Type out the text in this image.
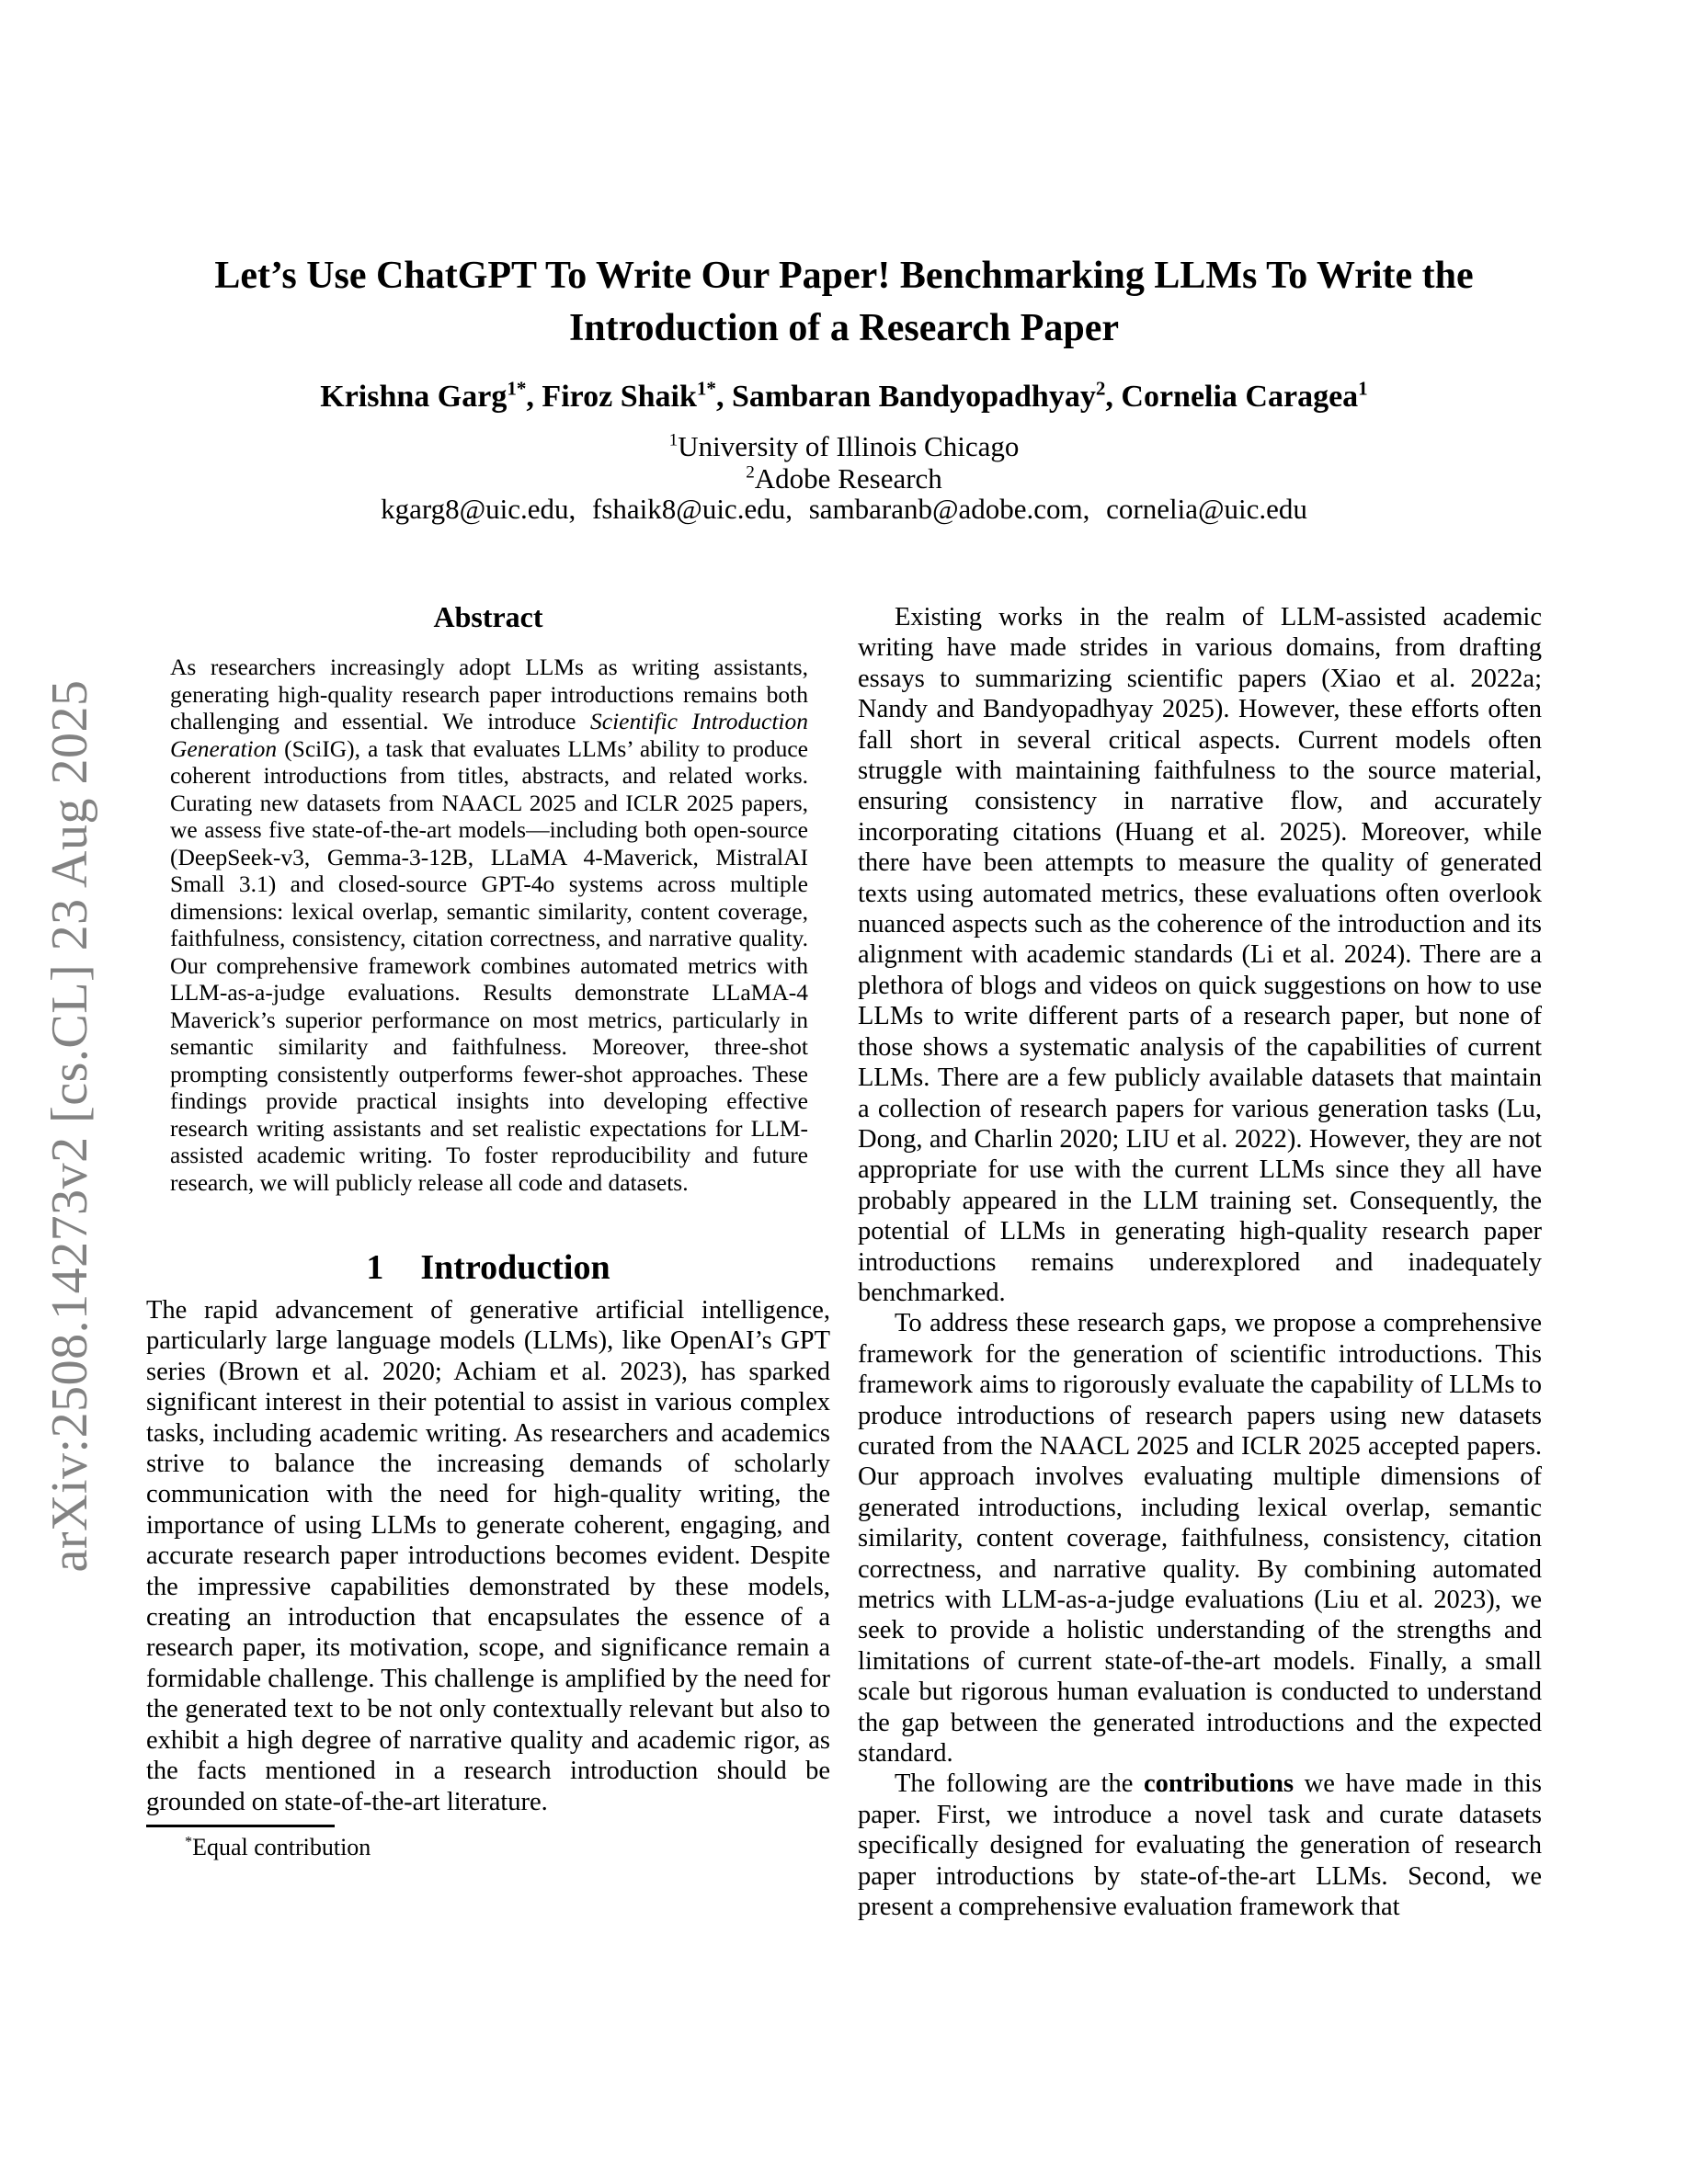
arXiv:2508.14273v2 [cs.CL] 23 Aug 2025
Let’s Use ChatGPT To Write Our Paper! Benchmarking LLMs To Write the
Introduction of a Research Paper
Krishna Garg$^{1*}$, Firoz Shaik$^{1*}$, Sambaran Bandyopadhyay$^2$, Cornelia Caragea$^1$
$^1$University of Illinois Chicago
$^2$Adobe Research
kgarg8@uic.edu, fshaik8@uic.edu, sambaranb@adobe.com, cornelia@uic.edu
Abstract

As researchers increasingly adopt LLMs as writing assistants, generating high-quality research paper introductions remains both challenging and essential. We introduce Scientific Introduction Generation (SciIG), a task that evaluates LLMs’ ability to produce coherent introductions from titles, abstracts, and related works. Curating new datasets from NAACL 2025 and ICLR 2025 papers, we assess five state-of-the-art models—including both open-source (DeepSeek-v3, Gemma-3-12B, LLaMA 4-Maverick, MistralAI Small 3.1) and closed-source GPT-4o systems across multiple dimensions: lexical overlap, semantic similarity, content coverage, faithfulness, consistency, citation correctness, and narrative quality. Our comprehensive framework combines automated metrics with LLM-as-a-judge evaluations. Results demonstrate LLaMA-4 Maverick’s superior performance on most metrics, particularly in semantic similarity and faithfulness. Moreover, three-shot prompting consistently outperforms fewer-shot approaches. These findings provide practical insights into developing effective research writing assistants and set realistic expectations for LLM-assisted academic writing. To foster reproducibility and future research, we will publicly release all code and datasets.

1 Introduction

The rapid advancement of generative artificial intelligence, particularly large language models (LLMs), like OpenAI’s GPT series (Brown et al. 2020; Achiam et al. 2023), has sparked significant interest in their potential to assist in various complex tasks, including academic writing. As researchers and academics strive to balance the increasing demands of scholarly communication with the need for high-quality writing, the importance of using LLMs to generate coherent, engaging, and accurate research paper introductions becomes evident. Despite the impressive capabilities demonstrated by these models, creating an introduction that encapsulates the essence of a research paper, its motivation, scope, and significance remain a formidable challenge. This challenge is amplified by the need for the generated text to be not only contextually relevant but also to exhibit a high degree of narrative quality and academic rigor, as the facts mentioned in a research introduction should be grounded on state-of-the-art literature.

*Equal contribution

Existing works in the realm of LLM-assisted academic writing have made strides in various domains, from drafting essays to summarizing scientific papers (Xiao et al. 2022a; Nandy and Bandyopadhyay 2025). However, these efforts often fall short in several critical aspects. Current models often struggle with maintaining faithfulness to the source material, ensuring consistency in narrative flow, and accurately incorporating citations (Huang et al. 2025). Moreover, while there have been attempts to measure the quality of generated texts using automated metrics, these evaluations often overlook nuanced aspects such as the coherence of the introduction and its alignment with academic standards (Li et al. 2024). There are a plethora of blogs and videos on quick suggestions on how to use LLMs to write different parts of a research paper, but none of those shows a systematic analysis of the capabilities of current LLMs. There are a few publicly available datasets that maintain a collection of research papers for various generation tasks (Lu, Dong, and Charlin 2020; LIU et al. 2022). However, they are not appropriate for use with the current LLMs since they all have probably appeared in the LLM training set. Consequently, the potential of LLMs in generating high-quality research paper introductions remains underexplored and inadequately benchmarked.

To address these research gaps, we propose a comprehensive framework for the generation of scientific introductions. This framework aims to rigorously evaluate the capability of LLMs to produce introductions of research papers using new datasets curated from the NAACL 2025 and ICLR 2025 accepted papers. Our approach involves evaluating multiple dimensions of generated introductions, including lexical overlap, semantic similarity, content coverage, faithfulness, consistency, citation correctness, and narrative quality. By combining automated metrics with LLM-as-a-judge evaluations (Liu et al. 2023), we seek to provide a holistic understanding of the strengths and limitations of current state-of-the-art models. Finally, a small scale but rigorous human evaluation is conducted to understand the gap between the generated introductions and the expected standard.

The following are the contributions we have made in this paper. First, we introduce a novel task and curate datasets specifically designed for evaluating the generation of research paper introductions by state-of-the-art LLMs. Second, we present a comprehensive evaluation framework that
